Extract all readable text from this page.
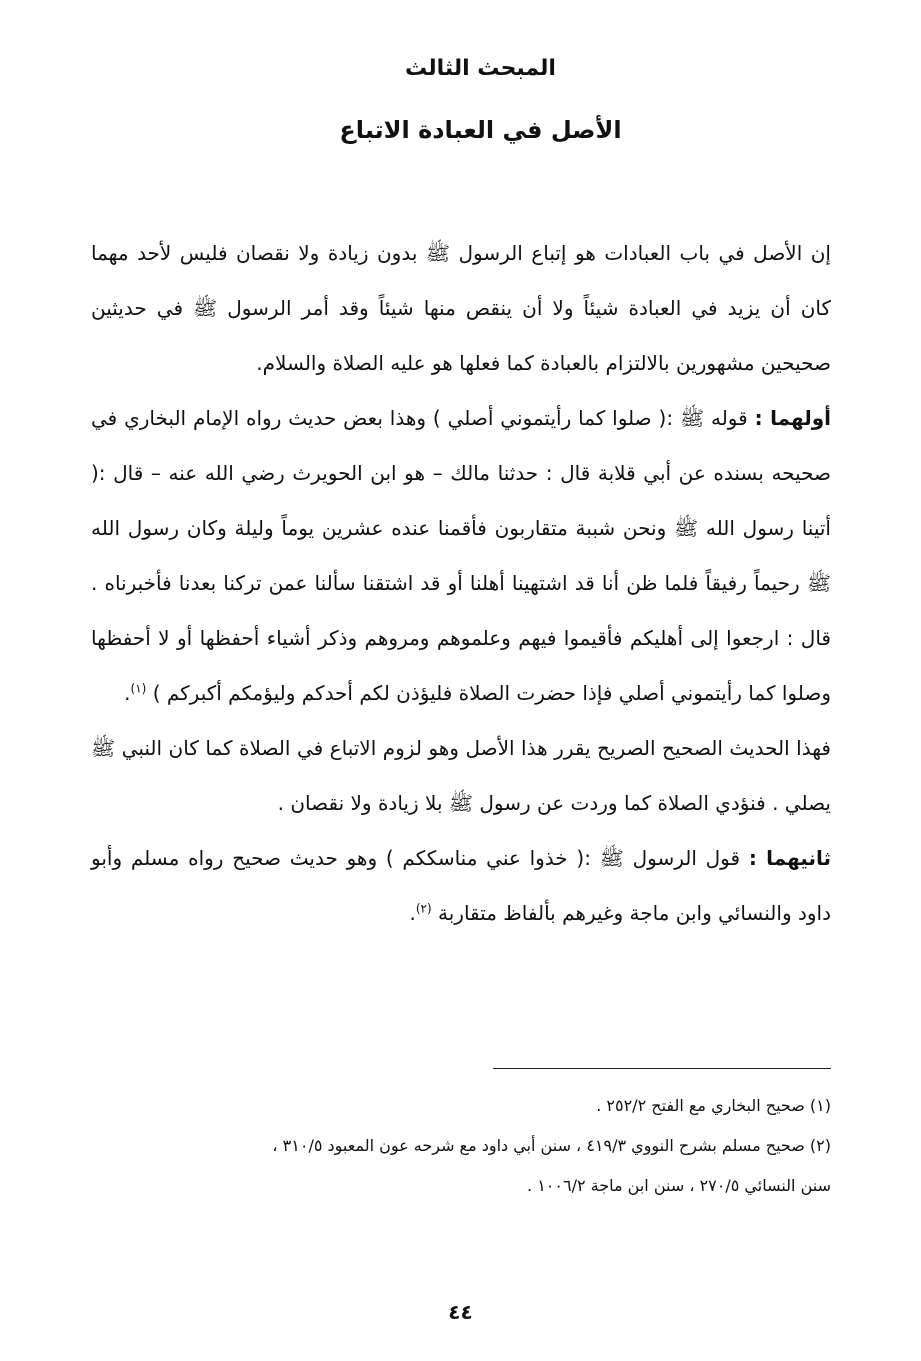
المبحث الثالث
الأصل في العبادة الاتباع

إن الأصل في باب العبادات هو إتباع الرسول ﷺ بدون زيادة ولا نقصان فليس لأحد مهما كان أن يزيد في العبادة شيئاً ولا أن ينقص منها شيئاً وقد أمر الرسول ﷺ في حديثين صحيحين مشهورين بالالتزام بالعبادة كما فعلها هو عليه الصلاة والسلام.

أولهما : قوله ﷺ :( صلوا كما رأيتموني أصلي ) وهذا بعض حديث رواه الإمام البخاري في صحيحه بسنده عن أبي قلابة قال : حدثنا مالك – هو ابن الحويرث رضي الله عنه – قال :( أتينا رسول الله ﷺ ونحن شببة متقاربون فأقمنا عنده عشرين يوماً وليلة وكان رسول الله ﷺ رحيماً رفيقاً فلما ظن أنا قد اشتهينا أهلنا أو قد اشتقنا سألنا عمن تركنا بعدنا فأخبرناه . قال : ارجعوا إلى أهليكم فأقيموا فيهم وعلموهم ومروهم وذكر أشياء أحفظها أو لا أحفظها وصلوا كما رأيتموني أصلي فإذا حضرت الصلاة فليؤذن لكم أحدكم وليؤمكم أكبركم ) $^{(١)}$.

فهذا الحديث الصحيح الصريح يقرر هذا الأصل وهو لزوم الاتباع في الصلاة كما كان النبي ﷺ يصلي . فنؤدي الصلاة كما وردت عن رسول ﷺ بلا زيادة ولا نقصان .

ثانيهما : قول الرسول ﷺ :( خذوا عني مناسككم ) وهو حديث صحيح رواه مسلم وأبو داود والنسائي وابن ماجة وغيرهم بألفاظ متقاربة $^{(٢)}$.

(١) صحيح البخاري مع الفتح ٢٥٢/٢ .

(٢) صحيح مسلم بشرح النووي ٤١٩/٣ ، سنن أبي داود مع شرحه عون المعبود ٣١٠/٥ ،

سنن النسائي ٢٧٠/٥ ، سنن ابن ماجة ١٠٠٦/٢ .

٤٤
